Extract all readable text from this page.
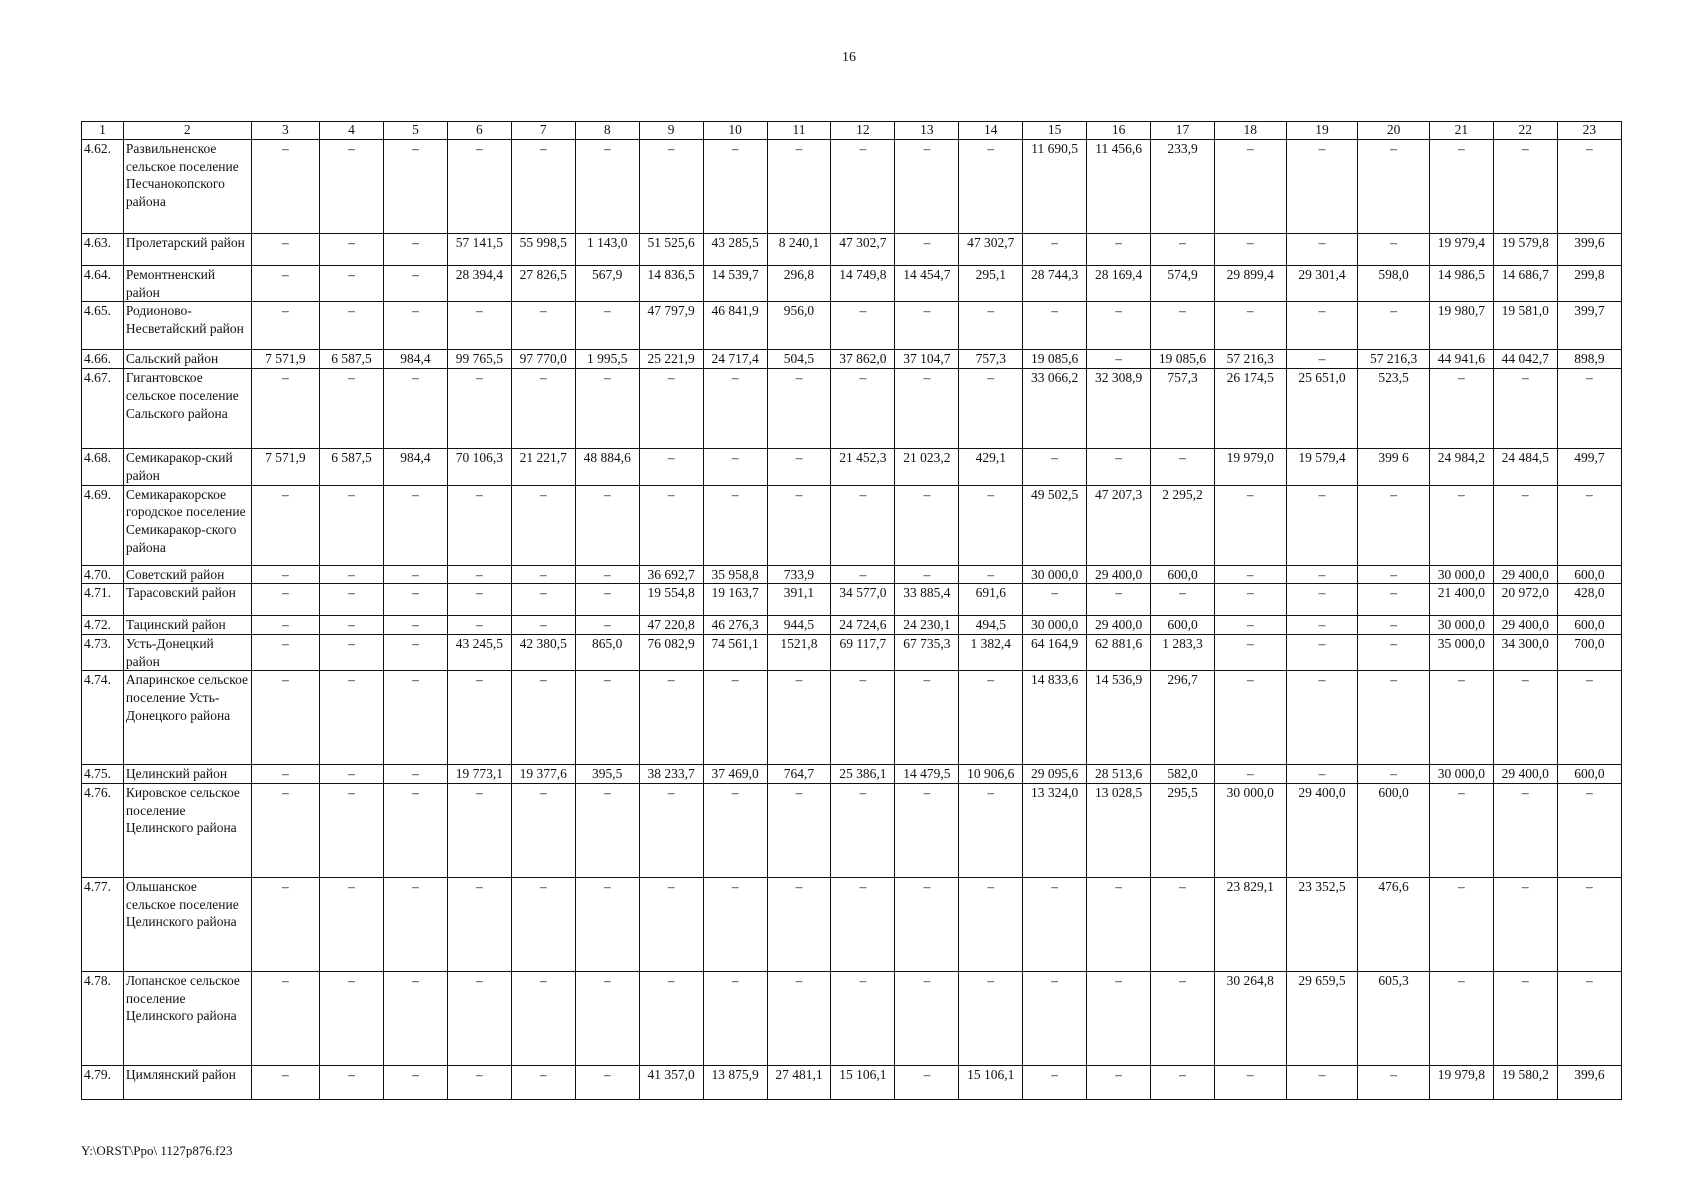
16
1	2	3	4	5	6	7	8	9	10	11	12	13	14	15	16	17	18	19	20	21	22	23
4.62.	Развильненское сельское поселение Песчанокопского района	–	–	–	–	–	–	–	–	–	–	–	–	11 690,5	11 456,6	233,9	–	–	–	–	–	–
4.63.	Пролетарский район	–	–	–	57 141,5	55 998,5	1 143,0	51 525,6	43 285,5	8 240,1	47 302,7	–	47 302,7	–	–	–	–	–	–	19 979,4	19 579,8	399,6
4.64.	Ремонтненский район	–	–	–	28 394,4	27 826,5	567,9	14 836,5	14 539,7	296,8	14 749,8	14 454,7	295,1	28 744,3	28 169,4	574,9	29 899,4	29 301,4	598,0	14 986,5	14 686,7	299,8
4.65.	Родионово-Несветайский район	–	–	–	–	–	–	47 797,9	46 841,9	956,0	–	–	–	–	–	–	–	–	–	19 980,7	19 581,0	399,7
4.66.	Сальский район	7 571,9	6 587,5	984,4	99 765,5	97 770,0	1 995,5	25 221,9	24 717,4	504,5	37 862,0	37 104,7	757,3	19 085,6	–	19 085,6	57 216,3	–	57 216,3	44 941,6	44 042,7	898,9
4.67.	Гигантовское сельское поселение Сальского района	–	–	–	–	–	–	–	–	–	–	–	–	33 066,2	32 308,9	757,3	26 174,5	25 651,0	523,5	–	–	–
4.68.	Семикаракор-ский район	7 571,9	6 587,5	984,4	70 106,3	21 221,7	48 884,6	–	–	–	21 452,3	21 023,2	429,1	–	–	–	19 979,0	19 579,4	399 6	24 984,2	24 484,5	499,7
4.69.	Семикаракорское городское поселение Семикаракор-ского района	–	–	–	–	–	–	–	–	–	–	–	–	49 502,5	47 207,3	2 295,2	–	–	–	–	–	–
4.70.	Советский район	–	–	–	–	–	–	36 692,7	35 958,8	733,9	–	–	–	30 000,0	29 400,0	600,0	–	–	–	30 000,0	29 400,0	600,0
4.71.	Тарасовский район	–	–	–	–	–	–	19 554,8	19 163,7	391,1	34 577,0	33 885,4	691,6	–	–	–	–	–	–	21 400,0	20 972,0	428,0
4.72.	Тацинский район	–	–	–	–	–	–	47 220,8	46 276,3	944,5	24 724,6	24 230,1	494,5	30 000,0	29 400,0	600,0	–	–	–	30 000,0	29 400,0	600,0
4.73.	Усть-Донецкий район	–	–	–	43 245,5	42 380,5	865,0	76 082,9	74 561,1	1521,8	69 117,7	67 735,3	1 382,4	64 164,9	62 881,6	1 283,3	–	–	–	35 000,0	34 300,0	700,0
4.74.	Апаринское сельское поселение Усть-Донецкого района	–	–	–	–	–	–	–	–	–	–	–	–	14 833,6	14 536,9	296,7	–	–	–	–	–	–
4.75.	Целинский район	–	–	–	19 773,1	19 377,6	395,5	38 233,7	37 469,0	764,7	25 386,1	14 479,5	10 906,6	29 095,6	28 513,6	582,0	–	–	–	30 000,0	29 400,0	600,0
4.76.	Кировское сельское поселение Целинского района	–	–	–	–	–	–	–	–	–	–	–	–	13 324,0	13 028,5	295,5	30 000,0	29 400,0	600,0	–	–	–
4.77.	Ольшанское сельское поселение Целинского района	–	–	–	–	–	–	–	–	–	–	–	–	–	–	–	23 829,1	23 352,5	476,6	–	–	–
4.78.	Лопанское сельское поселение Целинского района	–	–	–	–	–	–	–	–	–	–	–	–	–	–	–	30 264,8	29 659,5	605,3	–	–	–
4.79.	Цимлянский район	–	–	–	–	–	–	41 357,0	13 875,9	27 481,1	15 106,1	–	15 106,1	–	–	–	–	–	–	19 979,8	19 580,2	399,6
Y:\ORST\Ppo\ 1127p876.f23
